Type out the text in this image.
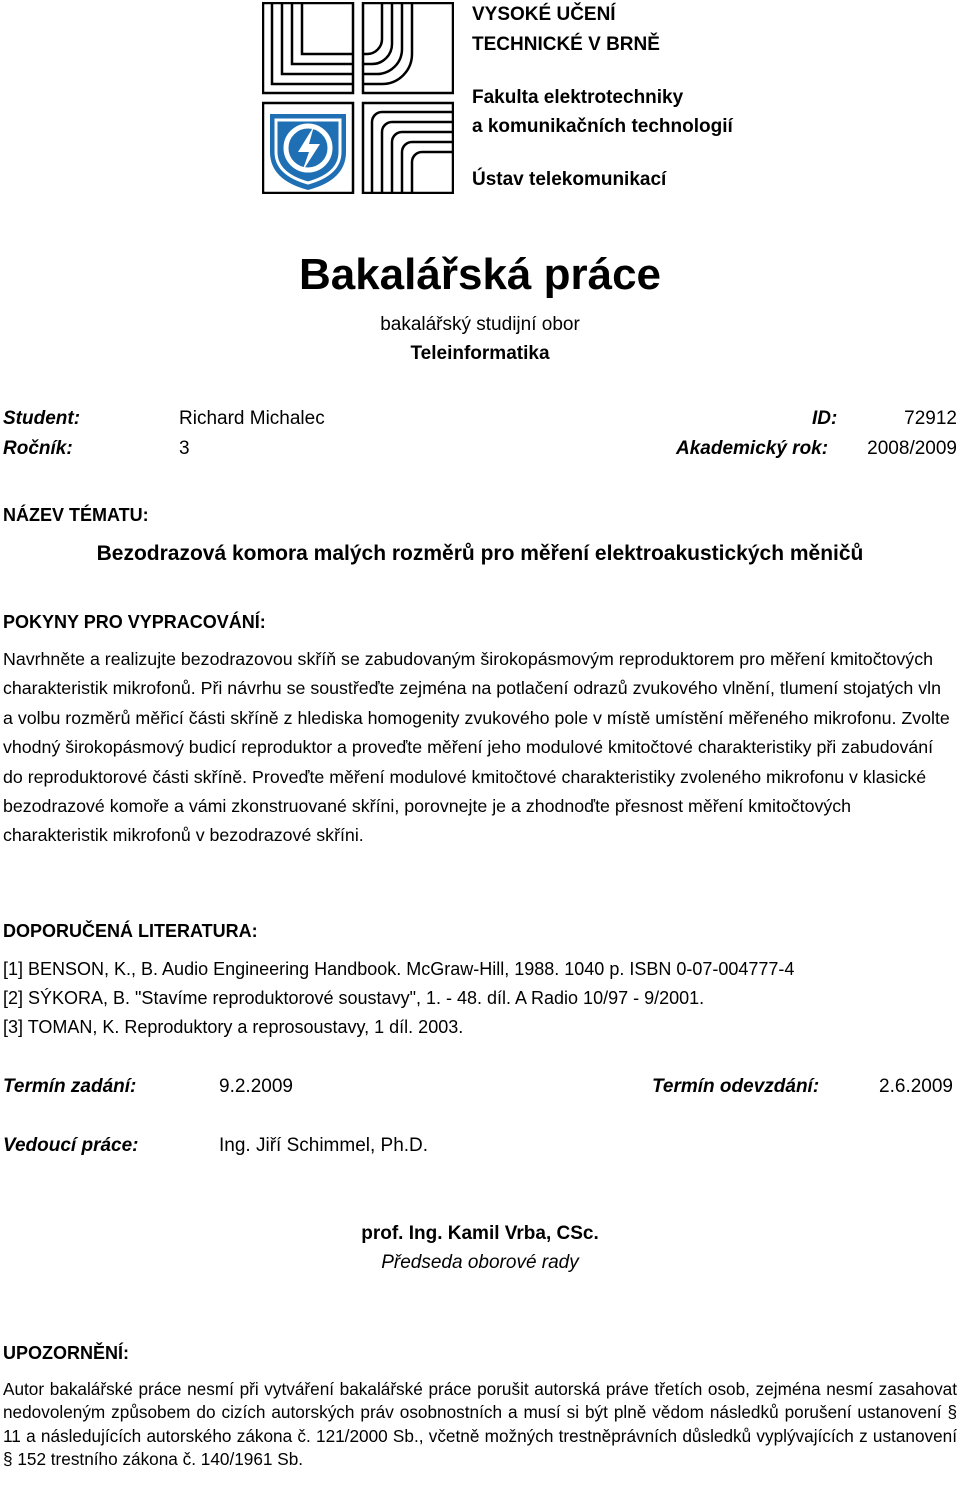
VYSOKÉ UČENÍ
TECHNICKÉ V BRNĚ
Fakulta elektrotechniky
a komunikačních technologií
Ústav telekomunikací
Bakalářská práce
bakalářský studijní obor
Teleinformatika
Student:	Richard Michalec	ID:	72912
Ročník:	3	Akademický rok: 2008/2009
NÁZEV TÉMATU:
Bezodrazová komora malých rozměrů pro měření elektroakustických měničů
POKYNY PRO VYPRACOVÁNÍ:
Navrhněte a realizujte bezodrazovou skříň se zabudovaným širokopásmovým reproduktorem pro měření kmitočtových charakteristik mikrofonů. Při návrhu se soustřeďte zejména na potlačení odrazů zvukového vlnění, tlumení stojatých vln a volbu rozměrů měřicí části skříně z hlediska homogenity zvukového pole v místě umístění měřeného mikrofonu. Zvolte vhodný širokopásmový budicí reproduktor a proveďte měření jeho modulové kmitočtové charakteristiky při zabudování do reproduktorové části skříně. Proveďte měření modulové kmitočtové charakteristiky zvoleného mikrofonu v klasické bezodrazové komoře a vámi zkonstruované skříni, porovnejte je a zhodnoďte přesnost měření kmitočtových charakteristik mikrofonů v bezodrazové skříni.
DOPORUČENÁ LITERATURA:
[1] BENSON, K., B. Audio Engineering Handbook. McGraw-Hill, 1988. 1040 p. ISBN 0-07-004777-4
[2] SÝKORA, B. "Stavíme reproduktorové soustavy", 1. - 48. díl. A Radio 10/97 - 9/2001.
[3] TOMAN, K. Reproduktory a reprosoustavy, 1 díl. 2003.
Termín zadání:	9.2.2009	Termín odevzdání:	2.6.2009
Vedoucí práce:	Ing. Jiří Schimmel, Ph.D.
prof. Ing. Kamil Vrba, CSc.
Předseda oborové rady
UPOZORNĚNÍ:
Autor bakalářské práce nesmí při vytváření bakalářské práce porušit autorská práve třetích osob, zejména nesmí zasahovat nedovoleným způsobem do cizích autorských práv osobnostních a musí si být plně vědom následků porušení ustanovení § 11 a následujících autorského zákona č. 121/2000 Sb., včetně možných trestněprávních důsledků vyplývajících z ustanovení § 152 trestního zákona č. 140/1961 Sb.
